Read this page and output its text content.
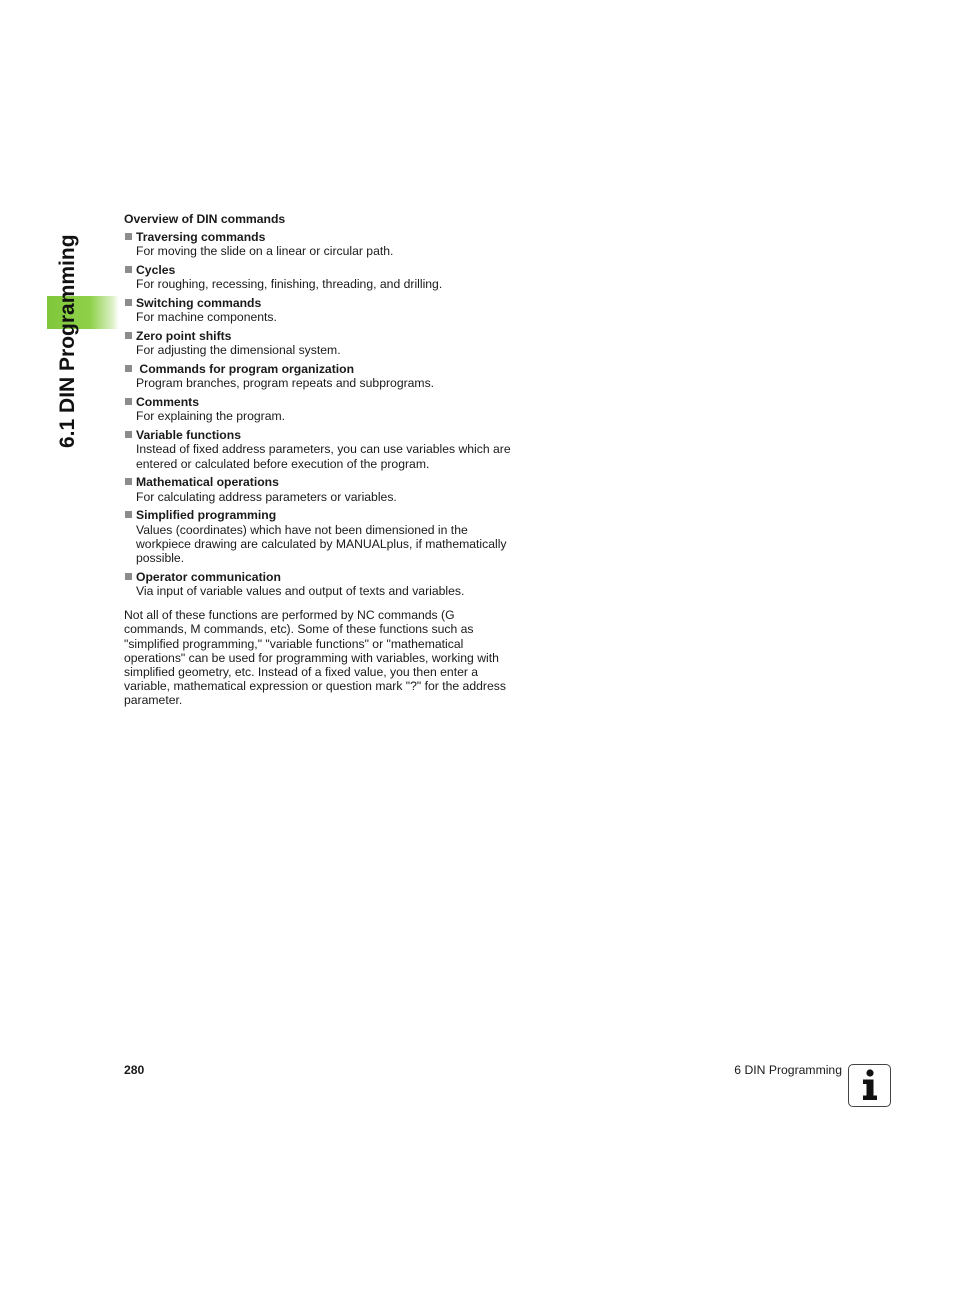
6.1 DIN Programming
Overview of DIN commands
Traversing commands
For moving the slide on a linear or circular path.
Cycles
For roughing, recessing, finishing, threading, and drilling.
Switching commands
For machine components.
Zero point shifts
For adjusting the dimensional system.
Commands for program organization
Program branches, program repeats and subprograms.
Comments
For explaining the program.
Variable functions
Instead of fixed address parameters, you can use variables which are entered or calculated before execution of the program.
Mathematical operations
For calculating address parameters or variables.
Simplified programming
Values (coordinates) which have not been dimensioned in the workpiece drawing are calculated by MANUALplus, if mathematically possible.
Operator communication
Via input of variable values and output of texts and variables.
Not all of these functions are performed by NC commands (G commands, M commands, etc). Some of these functions such as "simplified programming," "variable functions" or "mathematical operations" can be used for programming with variables, working with simplified geometry, etc. Instead of a fixed value, you then enter a variable, mathematical expression or question mark "?" for the address parameter.
280	6 DIN Programming
